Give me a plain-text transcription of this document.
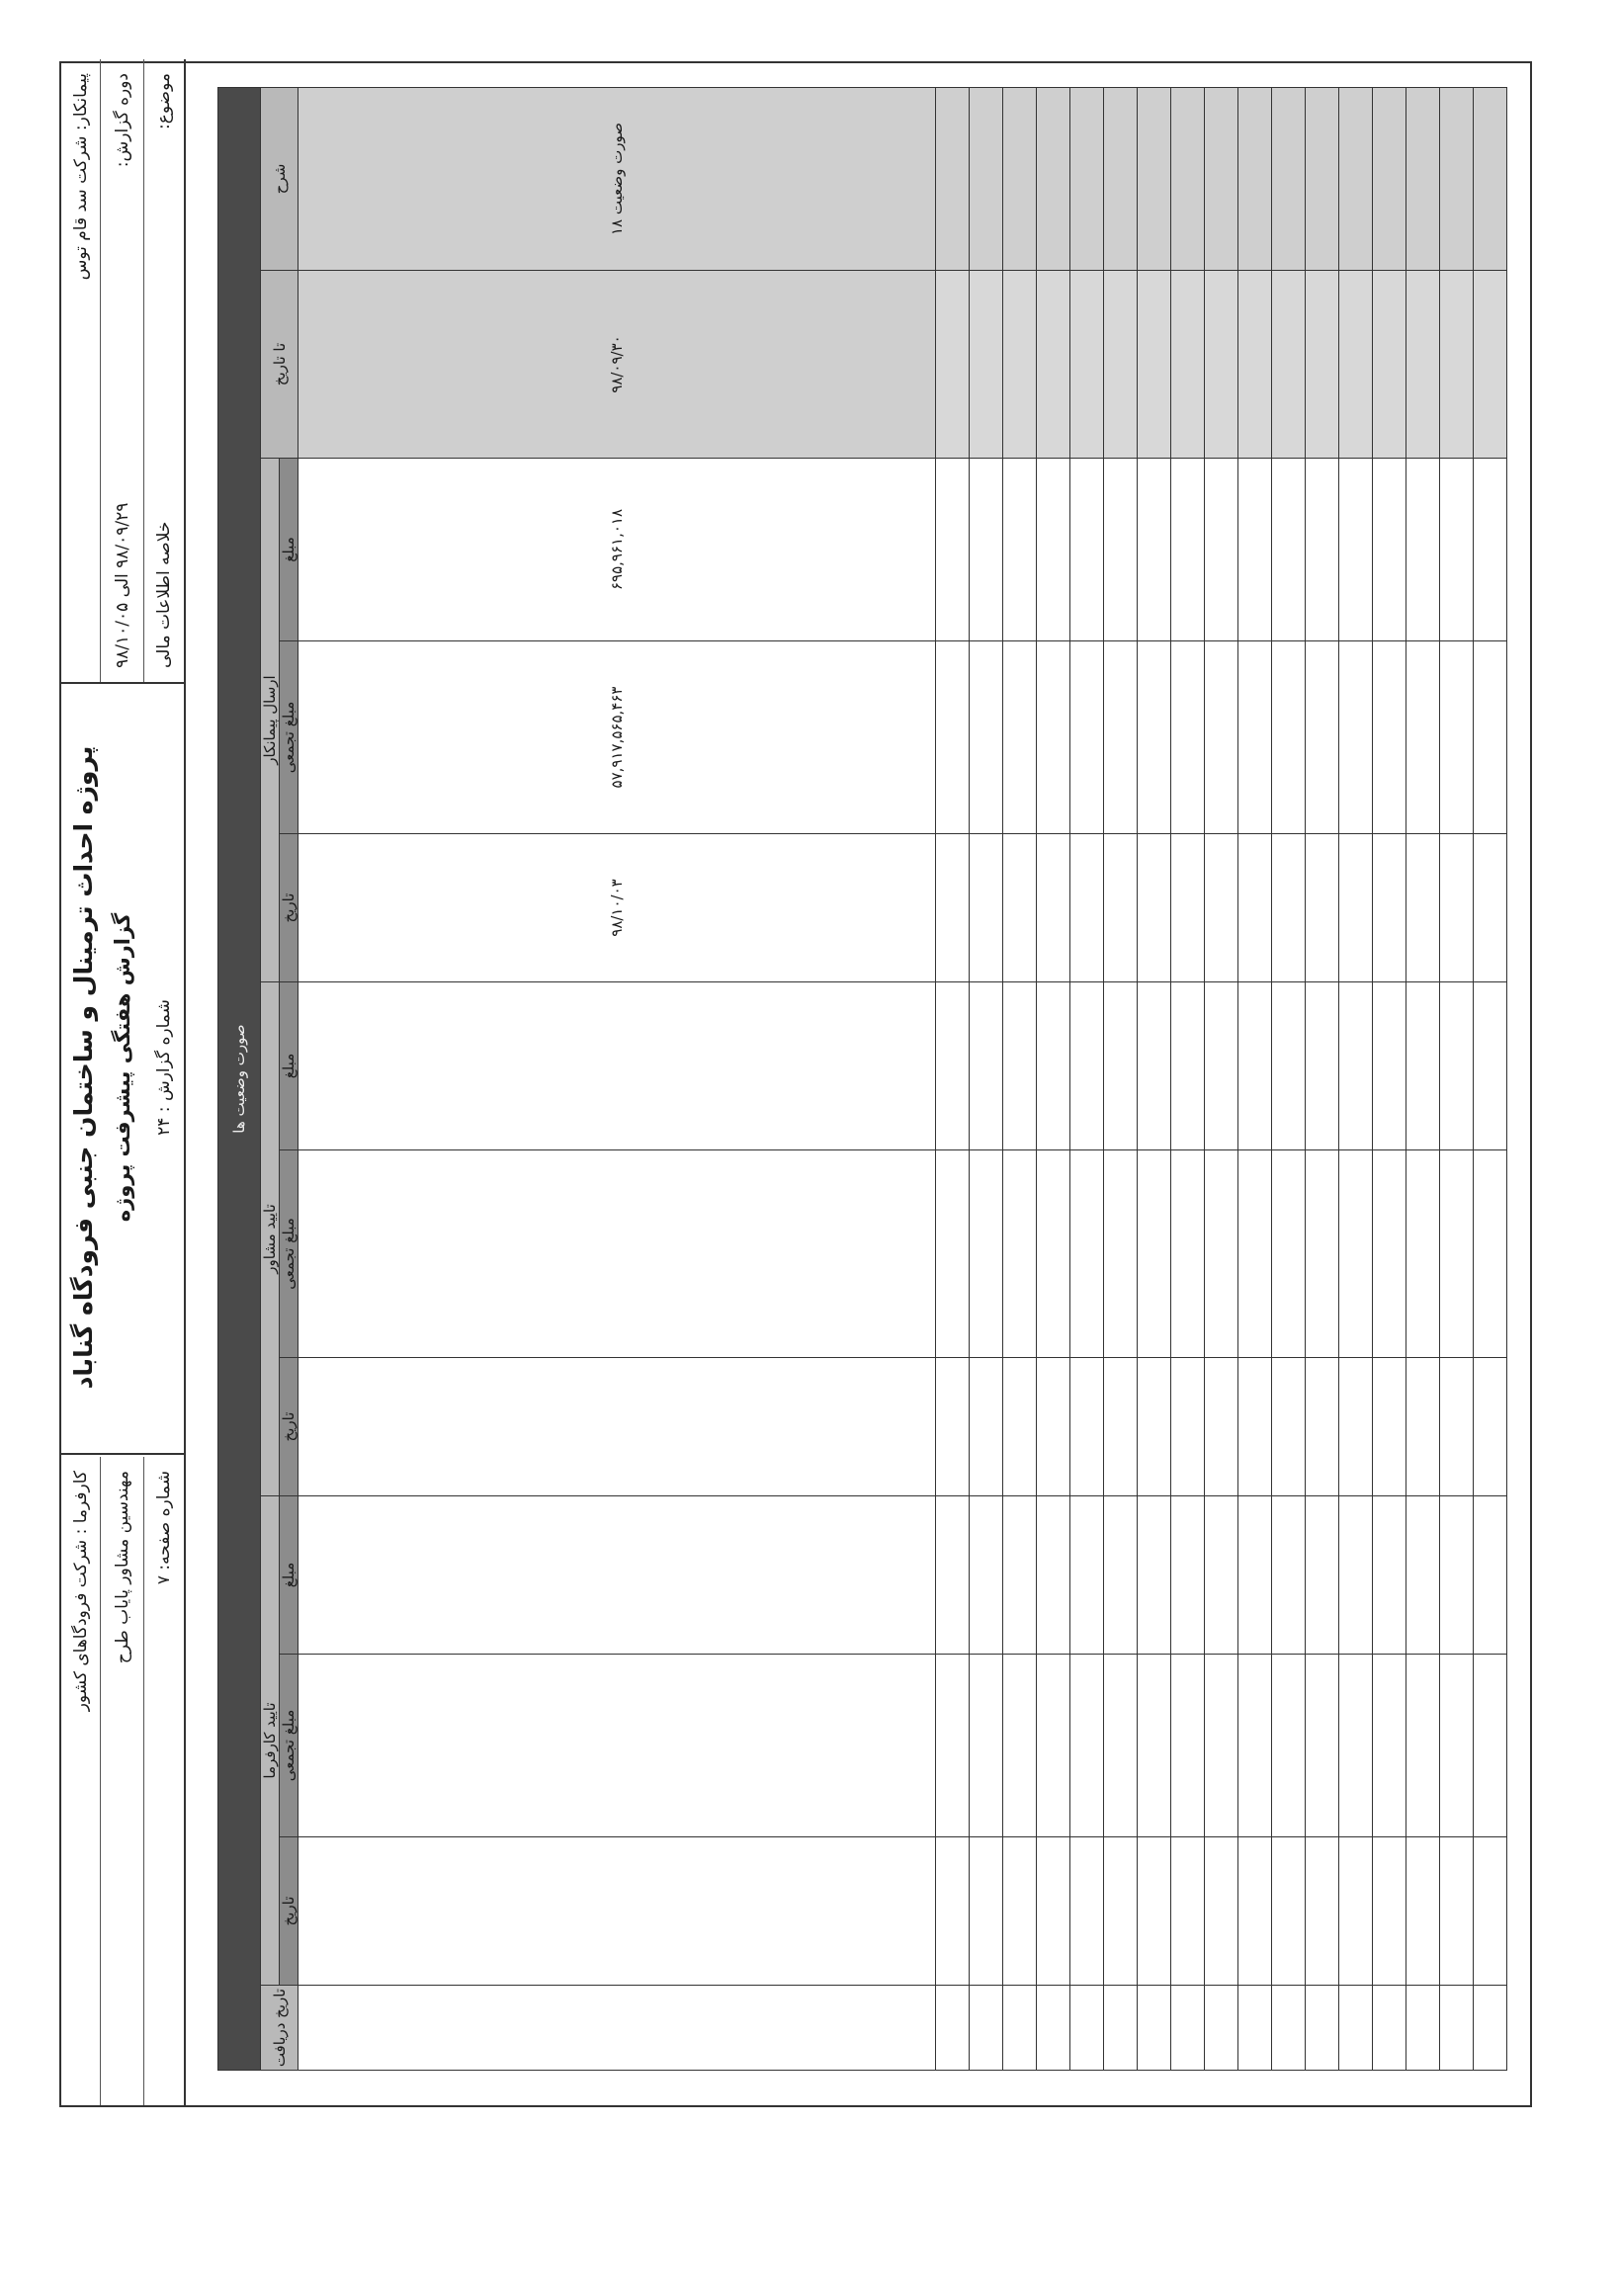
پیمانکار: شرکت سد قام توس دوره گزارش:
۹۸/۰۹/۲۹ الی ۹۸/۱۰/۰۵
موضوع:
خلاصه اطلاعات مالی
پروژه احداث ترمینال و ساختمان جنبی فرودگاه گناباد گزارش هفتگی پیشرفت پروژه شماره گزارش : ۲۴
کارفرما : شرکت فرودگاهای کشور مهندسین مشاور پایاب طرح شماره صفحه: ۷
صورت وضعیت ها											
شرح	تا تاریخ	ارسال پیمانکار			تایید مشاور			تایید کارفرما			تاریخ دریافت
		مبلغ	مبلغ تجمعی	تاریخ	مبلغ	مبلغ تجمعی	تاریخ	مبلغ	مبلغ تجمعی	تاریخ	
صورت وضعیت ۱۸	۹۸/۰۹/۳۰	۶۹۵,۹۶۱,۰۱۸	۵۷,۹۱۷,۵۶۵,۴۶۳	۹۸/۱۰/۰۳							
